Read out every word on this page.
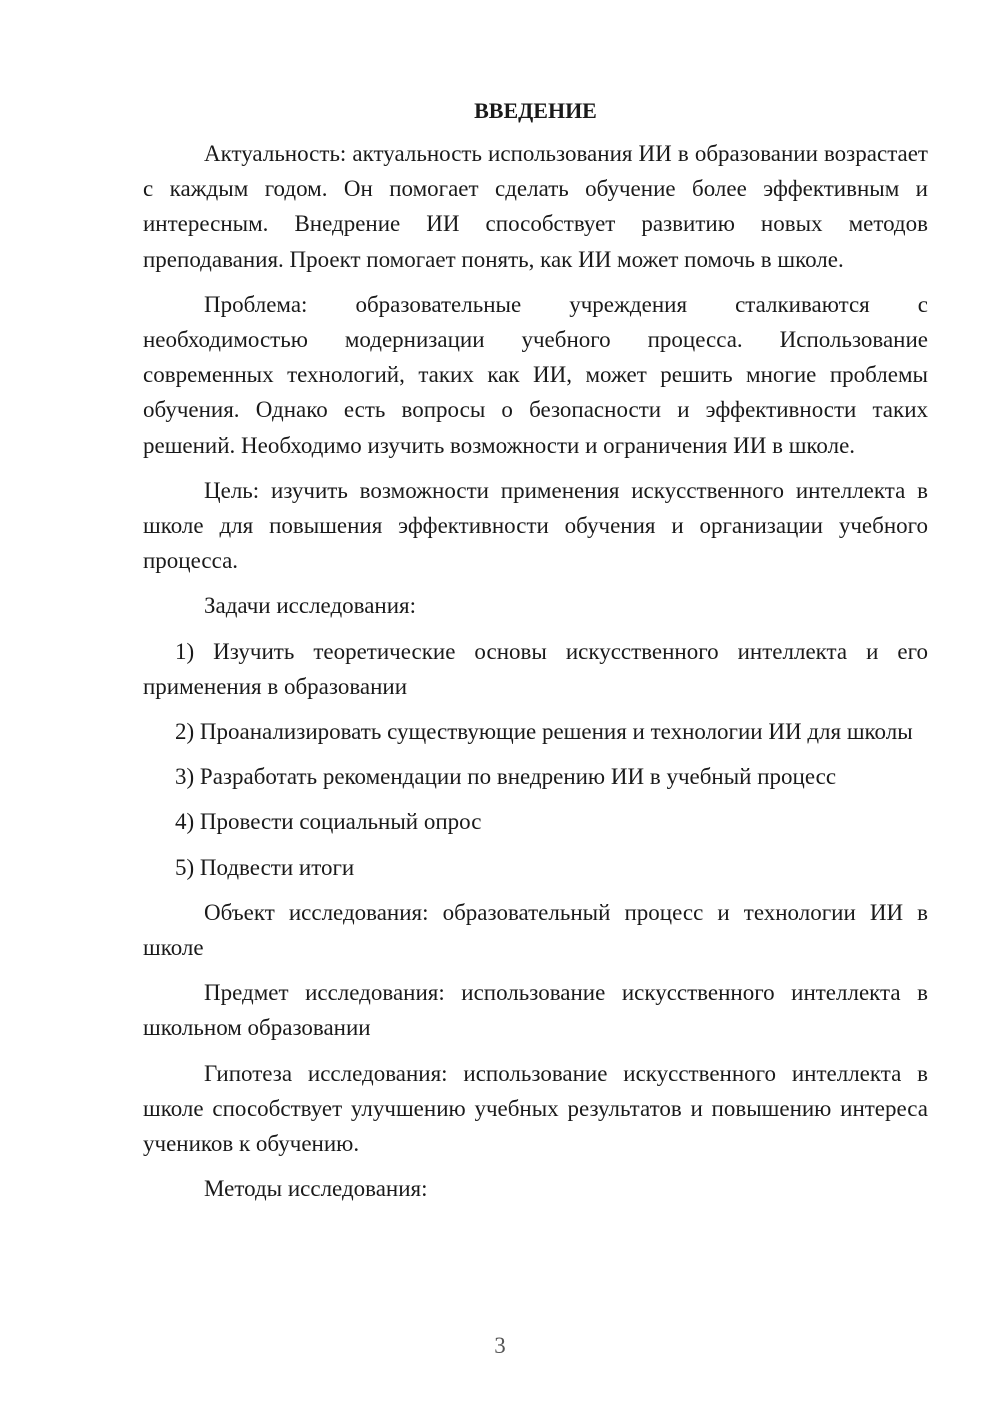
ВВЕДЕНИЕ

Актуальность: актуальность использования ИИ в образовании возрастает с каждым годом. Он помогает сделать обучение более эффективным и интересным. Внедрение ИИ способствует развитию новых методов преподавания. Проект помогает понять, как ИИ может помочь в школе.

Проблема: образовательные учреждения сталкиваются с необходимостью модернизации учебного процесса. Использование современных технологий, таких как ИИ, может решить многие проблемы обучения. Однако есть вопросы о безопасности и эффективности таких решений. Необходимо изучить возможности и ограничения ИИ в школе.

Цель: изучить возможности применения искусственного интеллекта в школе для повышения эффективности обучения и организации учебного процесса.

Задачи исследования:

1) Изучить теоретические основы искусственного интеллекта и его применения в образовании

2) Проанализировать существующие решения и технологии ИИ для школы

3) Разработать рекомендации по внедрению ИИ в учебный процесс

4) Провести социальный опрос

5) Подвести итоги

Объект исследования: образовательный процесс и технологии ИИ в школе

Предмет исследования: использование искусственного интеллекта в школьном образовании

Гипотеза исследования: использование искусственного интеллекта в школе способствует улучшению учебных результатов и повышению интереса учеников к обучению.

Методы исследования:

3
